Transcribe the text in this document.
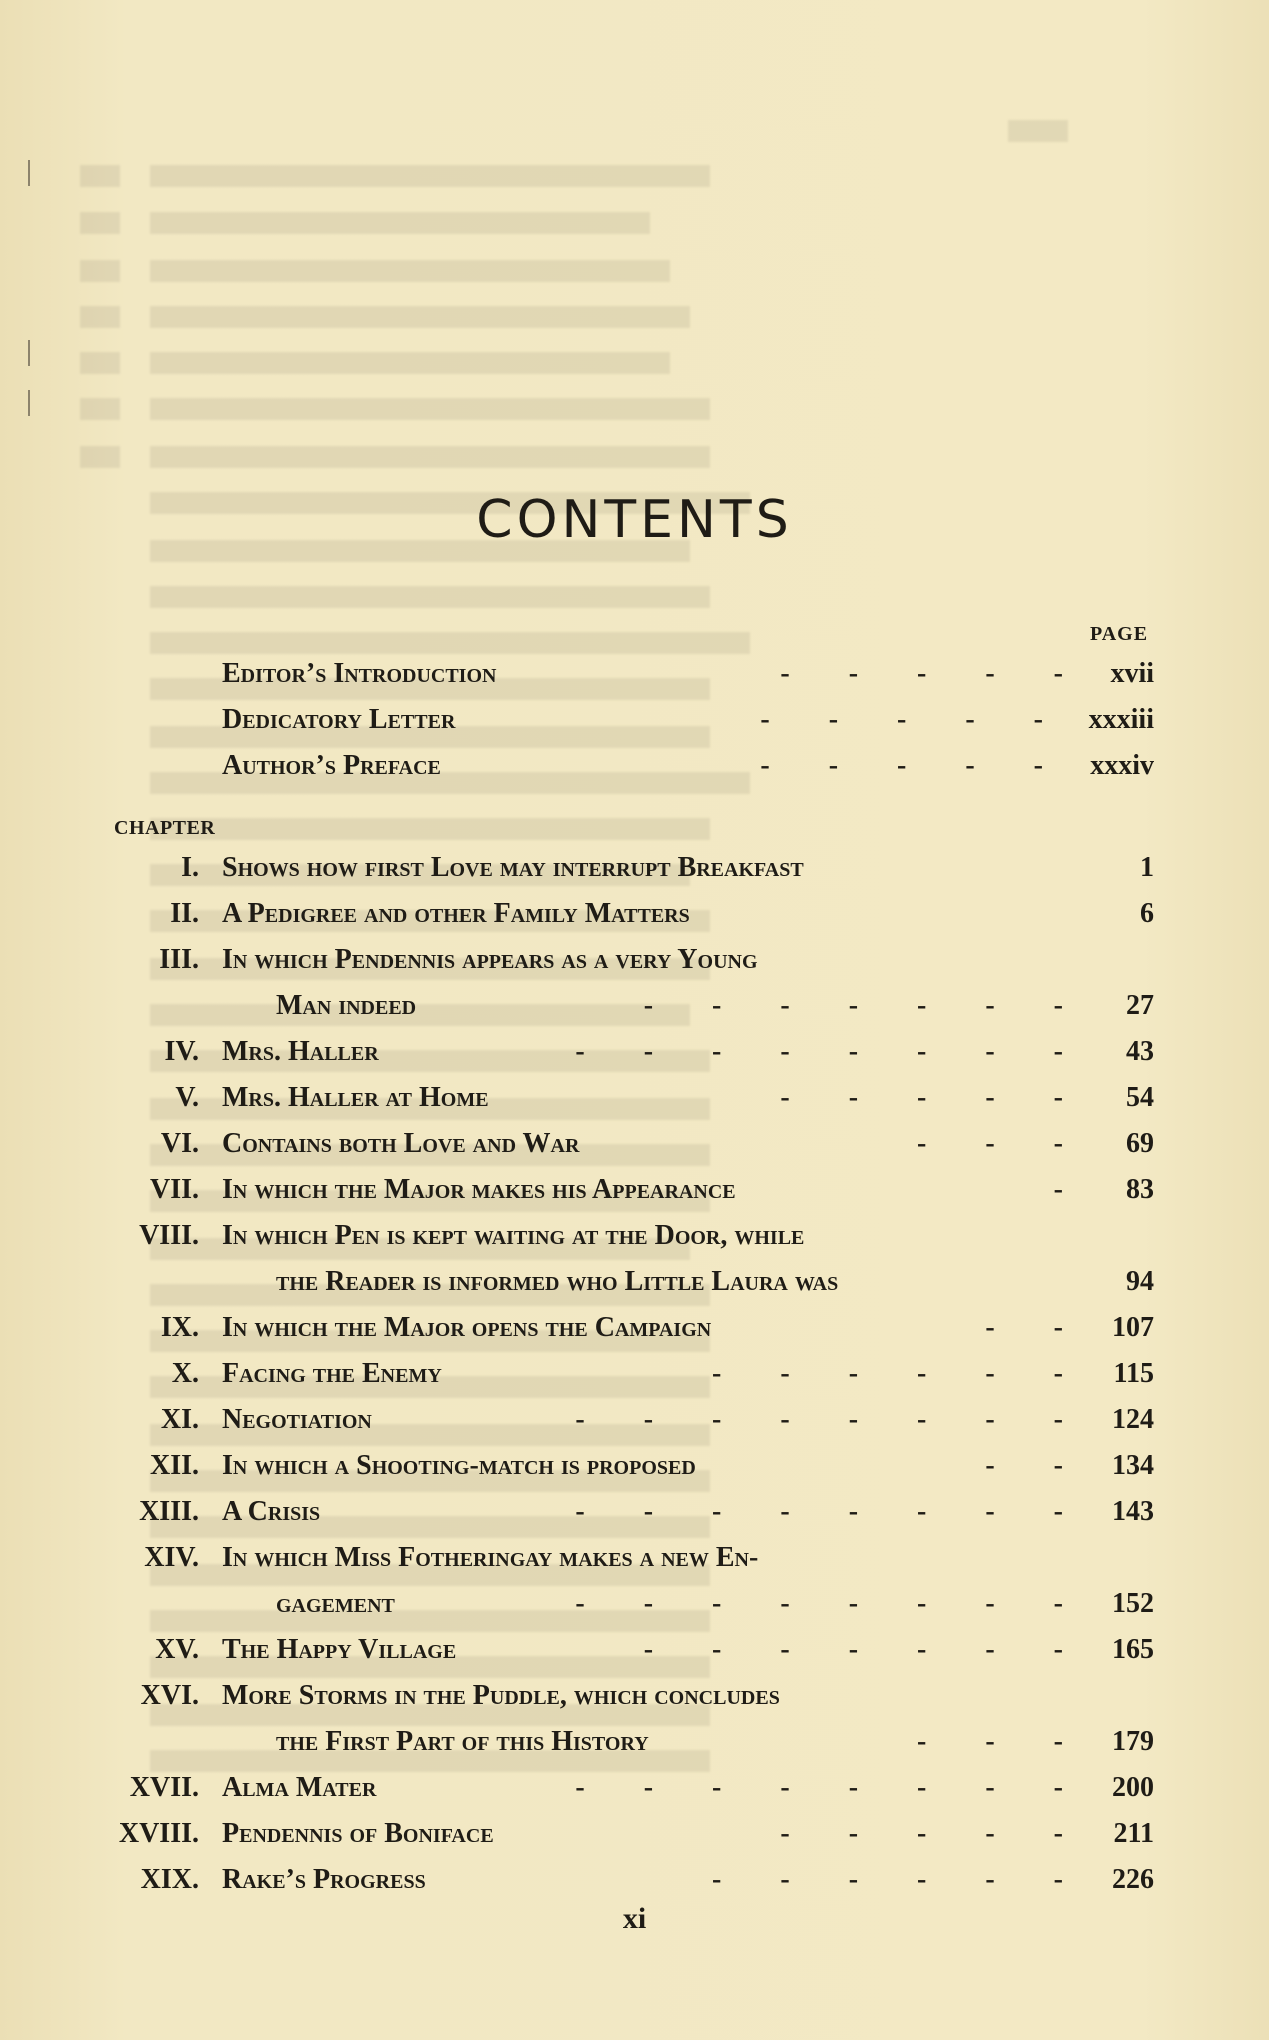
CONTENTS
PAGE
Editor’s Introduction	- - - - - xvii
Dedicatory Letter	- - - - - xxxiii
Author’s Preface	- - - - - xxxiv
CHAPTER
I. Shows how first Love may interrupt Breakfast	1
II. A Pedigree and other Family Matters	6
III. In which Pendennis appears as a very Young
Man indeed	- - - - - - - 27
IV. Mrs. Haller	- - - - - - - - 43
V. Mrs. Haller at Home	- - - - - 54
VI. Contains both Love and War	- - - 69
VII. In which the Major makes his Appearance	- 83
VIII. In which Pen is kept waiting at the Door, while
the Reader is informed who Little Laura was	94
IX. In which the Major opens the Campaign	- - 107
X. Facing the Enemy	- - - - - - 115
XI. Negotiation	- - - - - - - - 124
XII. In which a Shooting-match is proposed	- - 134
XIII. A Crisis	- - - - - - - - 143
XIV. In which Miss Fotheringay makes a new En-
gagement	- - - - - - - - 152
XV. The Happy Village	- - - - - - - 165
XVI. More Storms in the Puddle, which concludes
the First Part of this History	- - - 179
XVII. Alma Mater	- - - - - - - - 200
XVIII. Pendennis of Boniface	- - - - - 211
XIX. Rake’s Progress	- - - - - - 226
xi
